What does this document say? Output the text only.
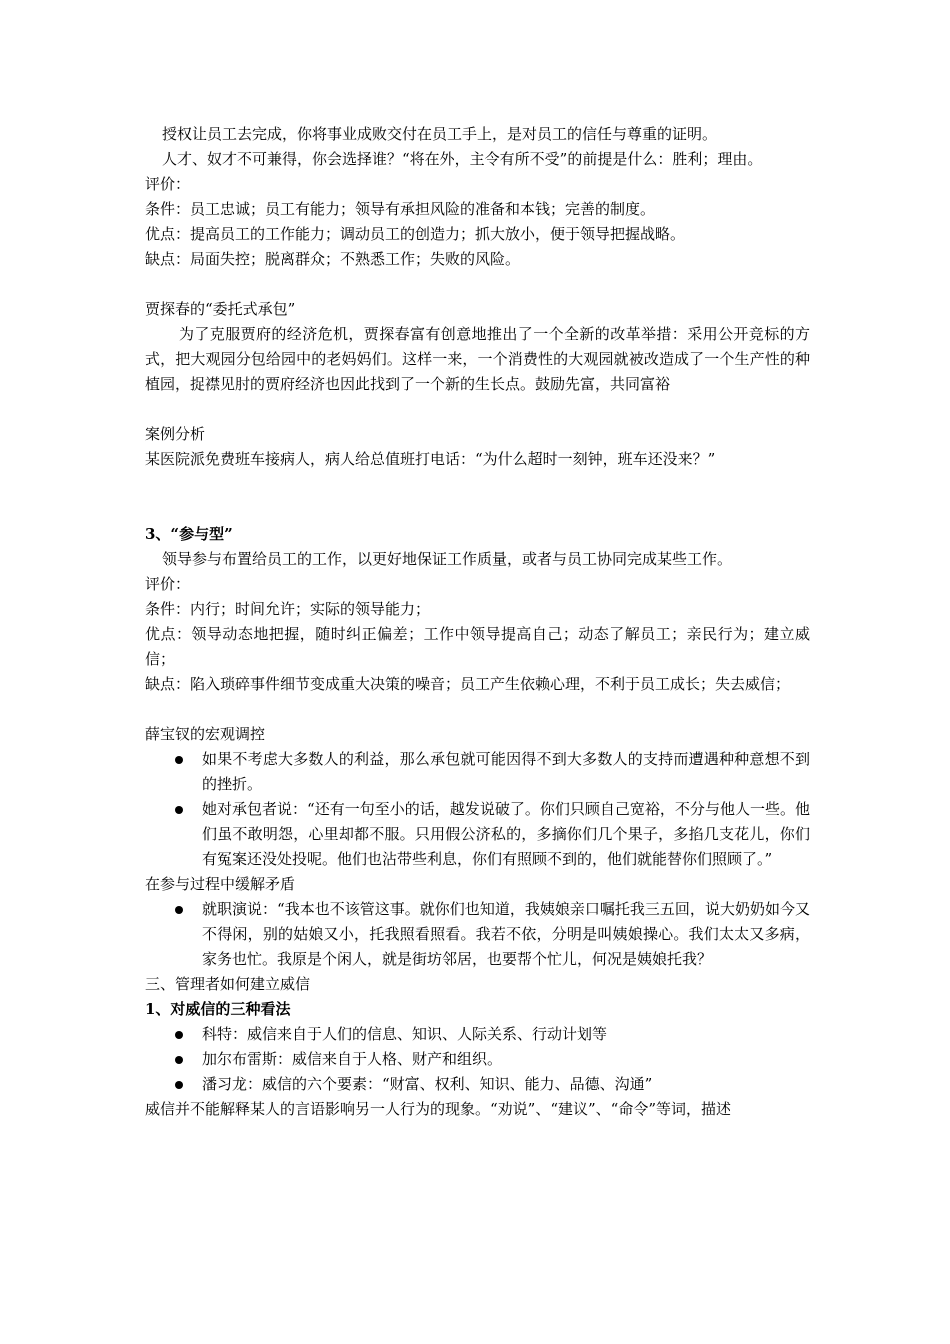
授权让员工去完成，你将事业成败交付在员工手上，是对员工的信任与尊重的证明。

人才、奴才不可兼得，你会选择谁？“将在外，主令有所不受”的前提是什么：胜利；理由。

评价：

条件：员工忠诚；员工有能力；领导有承担风险的准备和本钱；完善的制度。

优点：提高员工的工作能力；调动员工的创造力；抓大放小，便于领导把握战略。

缺点：局面失控；脱离群众；不熟悉工作；失败的风险。

贾探春的“委托式承包”

为了克服贾府的经济危机，贾探春富有创意地推出了一个全新的改革举措：采用公开竞标的方式，把大观园分包给园中的老妈妈们。这样一来，一个消费性的大观园就被改造成了一个生产性的种植园，捉襟见肘的贾府经济也因此找到了一个新的生长点。鼓励先富，共同富裕

案例分析

某医院派免费班车接病人，病人给总值班打电话：“为什么超时一刻钟，班车还没来？”

3、“参与型”

领导参与布置给员工的工作，以更好地保证工作质量，或者与员工协同完成某些工作。

评价：

条件：内行；时间允许；实际的领导能力；

优点：领导动态地把握，随时纠正偏差；工作中领导提高自己；动态了解员工；亲民行为；建立威信；

缺点：陷入琐碎事件细节变成重大决策的噪音；员工产生依赖心理，不利于员工成长；失去威信；

薛宝钗的宏观调控

如果不考虑大多数人的利益，那么承包就可能因得不到大多数人的支持而遭遇种种意想不到的挫折。
她对承包者说：“还有一句至小的话，越发说破了。你们只顾自己宽裕，不分与他人一些。他们虽不敢明怨，心里却都不服。只用假公济私的，多摘你们几个果子，多掐几支花儿，你们有冤案还没处投呢。他们也沾带些利息，你们有照顾不到的，他们就能替你们照顾了。”

在参与过程中缓解矛盾

就职演说：“我本也不该管这事。就你们也知道，我姨娘亲口嘱托我三五回，说大奶奶如今又不得闲，别的姑娘又小，托我照看照看。我若不依，分明是叫姨娘操心。我们太太又多病，家务也忙。我原是个闲人，就是街坊邻居，也要帮个忙儿，何况是姨娘托我？

三、管理者如何建立威信

1、对威信的三种看法

科特：威信来自于人们的信息、知识、人际关系、行动计划等
加尔布雷斯：威信来自于人格、财产和组织。
潘习龙：威信的六个要素：“财富、权利、知识、能力、品德、沟通”

威信并不能解释某人的言语影响另一人行为的现象。“劝说”、“建议”、“命令”等词，描述
